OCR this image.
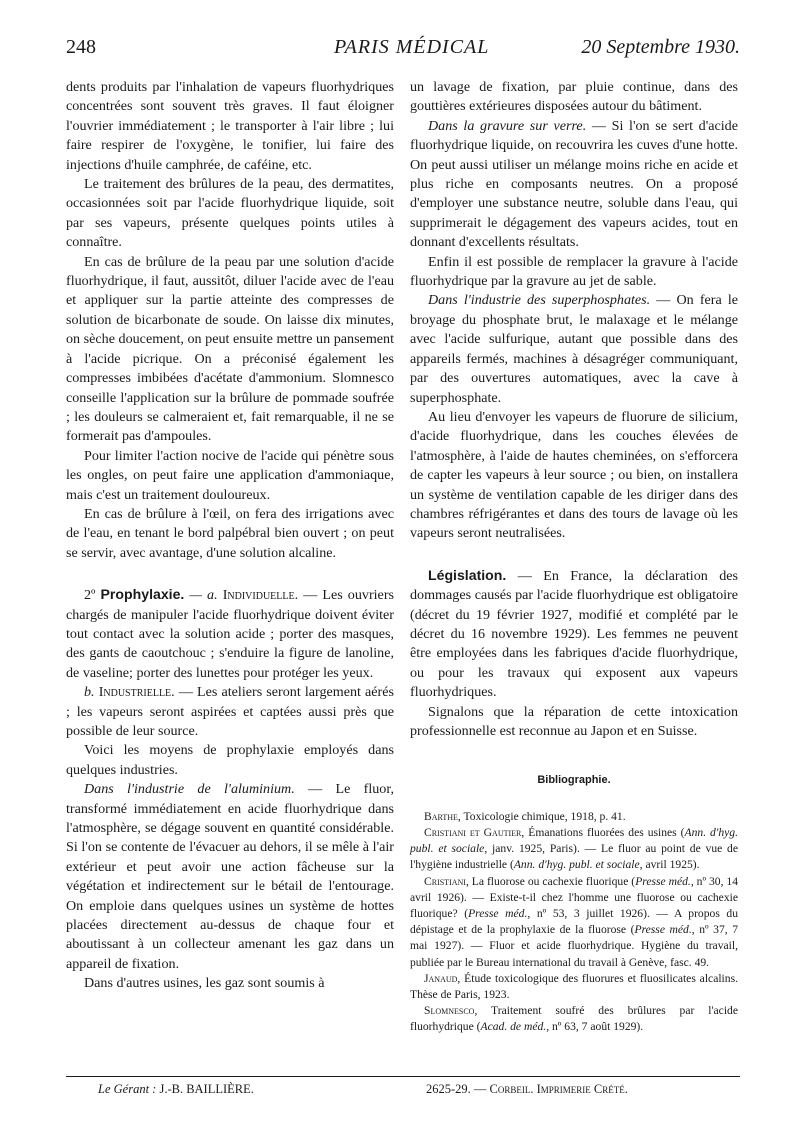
248	PARIS MÉDICAL	20 Septembre 1930.

dents produits par l'inhalation de vapeurs fluorhydriques concentrées sont souvent très graves. Il faut éloigner l'ouvrier immédiatement ; le transporter à l'air libre ; lui faire respirer de l'oxygène, le tonifier, lui faire des injections d'huile camphrée, de caféine, etc.

Le traitement des brûlures de la peau, des dermatites, occasionnées soit par l'acide fluorhydrique liquide, soit par ses vapeurs, présente quelques points utiles à connaître.

En cas de brûlure de la peau par une solution d'acide fluorhydrique, il faut, aussitôt, diluer l'acide avec de l'eau et appliquer sur la partie atteinte des compresses de solution de bicarbonate de soude. On laisse dix minutes, on sèche doucement, on peut ensuite mettre un pansement à l'acide picrique. On a préconisé également les compresses imbibées d'acétate d'ammonium. Slomnesco conseille l'application sur la brûlure de pommade soufrée ; les douleurs se calmeraient et, fait remarquable, il ne se formerait pas d'ampoules.

Pour limiter l'action nocive de l'acide qui pénètre sous les ongles, on peut faire une application d'ammoniaque, mais c'est un traitement douloureux.

En cas de brûlure à l'œil, on fera des irrigations avec de l'eau, en tenant le bord palpébral bien ouvert ; on peut se servir, avec avantage, d'une solution alcaline.

2º Prophylaxie. — a. Individuelle. — Les ouvriers chargés de manipuler l'acide fluorhydrique doivent éviter tout contact avec la solution acide ; porter des masques, des gants de caoutchouc ; s'enduire la figure de lanoline, de vaseline; porter des lunettes pour protéger les yeux.

b. Industrielle. — Les ateliers seront largement aérés ; les vapeurs seront aspirées et captées aussi près que possible de leur source.

Voici les moyens de prophylaxie employés dans quelques industries.

Dans l'industrie de l'aluminium. — Le fluor, transformé immédiatement en acide fluorhydrique dans l'atmosphère, se dégage souvent en quantité considérable. Si l'on se contente de l'évacuer au dehors, il se mêle à l'air extérieur et peut avoir une action fâcheuse sur la végétation et indirectement sur le bétail de l'entourage. On emploie dans quelques usines un système de hottes placées directement au-dessus de chaque four et aboutissant à un collecteur amenant les gaz dans un appareil de fixation.

Dans d'autres usines, les gaz sont soumis à

un lavage de fixation, par pluie continue, dans des gouttières extérieures disposées autour du bâtiment.

Dans la gravure sur verre. — Si l'on se sert d'acide fluorhydrique liquide, on recouvrira les cuves d'une hotte. On peut aussi utiliser un mélange moins riche en acide et plus riche en composants neutres. On a proposé d'employer une substance neutre, soluble dans l'eau, qui supprimerait le dégagement des vapeurs acides, tout en donnant d'excellents résultats.

Enfin il est possible de remplacer la gravure à l'acide fluorhydrique par la gravure au jet de sable.

Dans l'industrie des superphosphates. — On fera le broyage du phosphate brut, le malaxage et le mélange avec l'acide sulfurique, autant que possible dans des appareils fermés, machines à désagréger communiquant, par des ouvertures automatiques, avec la cave à superphosphate.

Au lieu d'envoyer les vapeurs de fluorure de silicium, d'acide fluorhydrique, dans les couches élevées de l'atmosphère, à l'aide de hautes cheminées, on s'efforcera de capter les vapeurs à leur source ; ou bien, on installera un système de ventilation capable de les diriger dans des chambres réfrigérantes et dans des tours de lavage où les vapeurs seront neutralisées.

Législation. — En France, la déclaration des dommages causés par l'acide fluorhydrique est obligatoire (décret du 19 février 1927, modifié et complété par le décret du 16 novembre 1929). Les femmes ne peuvent être employées dans les fabriques d'acide fluorhydrique, ou pour les travaux qui exposent aux vapeurs fluorhydriques.

Signalons que la réparation de cette intoxication professionnelle est reconnue au Japon et en Suisse.

Bibliographie.

Barthe, Toxicologie chimique, 1918, p. 41.

Cristiani et Gautier, Émanations fluorées des usines (Ann. d'hyg. publ. et sociale, janv. 1925, Paris). — Le fluor au point de vue de l'hygiène industrielle (Ann. d'hyg. publ. et sociale, avril 1925).

Cristiani, La fluorose ou cachexie fluorique (Presse méd., nº 30, 14 avril 1926). — Existe-t-il chez l'homme une fluorose ou cachexie fluorique? (Presse méd., nº 53, 3 juillet 1926). — A propos du dépistage et de la prophylaxie de la fluorose (Presse méd., nº 37, 7 mai 1927). — Fluor et acide fluorhydrique. Hygiène du travail, publiée par le Bureau international du travail à Genève, fasc. 49.

Janaud, Étude toxicologique des fluorures et fluosilicates alcalins. Thèse de Paris, 1923.

Slomnesco, Traitement soufré des brûlures par l'acide fluorhydrique (Acad. de méd., nº 63, 7 août 1929).

Le Gérant : J.-B. BAILLIÈRE.	2625-29. — Corbeil. Imprimerie Crété.
